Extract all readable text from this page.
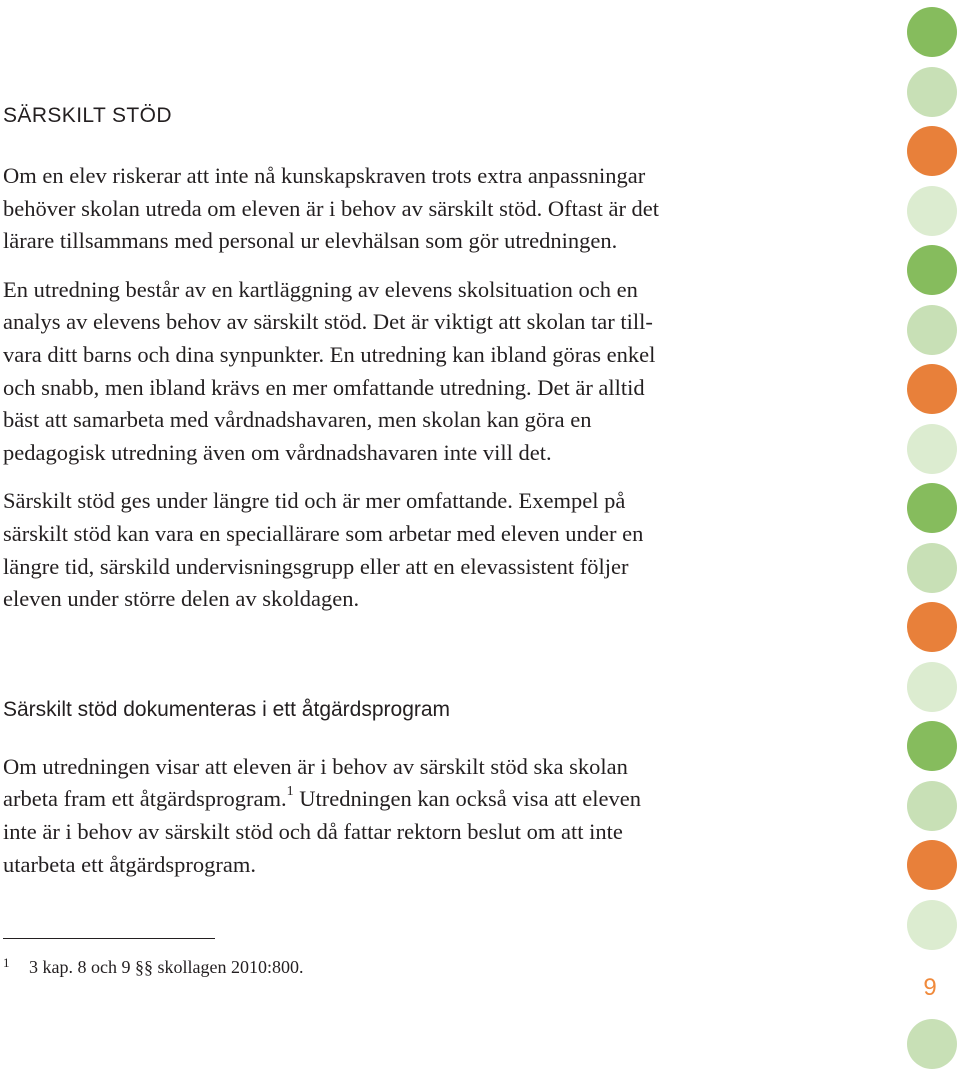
SÄRSKILT STÖD

Om en elev riskerar att inte nå kunskapskraven trots extra anpassningar
behöver skolan utreda om eleven är i behov av särskilt stöd. Oftast är det
lärare tillsammans med personal ur elevhälsan som gör utredningen.

En utredning består av en kartläggning av elevens skolsituation och en
analys av elevens behov av särskilt stöd. Det är viktigt att skolan tar till-
vara ditt barns och dina synpunkter. En utredning kan ibland göras enkel
och snabb, men ibland krävs en mer omfattande utredning. Det är alltid
bäst att samarbeta med vårdnadshavaren, men skolan kan göra en
pedagogisk utredning även om vårdnadshavaren inte vill det.

Särskilt stöd ges under längre tid och är mer omfattande. Exempel på
särskilt stöd kan vara en speciallärare som arbetar med eleven under en
längre tid, särskild undervisningsgrupp eller att en elevassistent följer
eleven under större delen av skoldagen.

Särskilt stöd dokumenteras i ett åtgärdsprogram

Om utredningen visar att eleven är i behov av särskilt stöd ska skolan
arbeta fram ett åtgärdsprogram.$^1$ Utredningen kan också visa att eleven
inte är i behov av särskilt stöd och då fattar rektorn beslut om att inte
utarbeta ett åtgärdsprogram.

1 3 kap. 8 och 9 §§ skollagen 2010:800.
9
